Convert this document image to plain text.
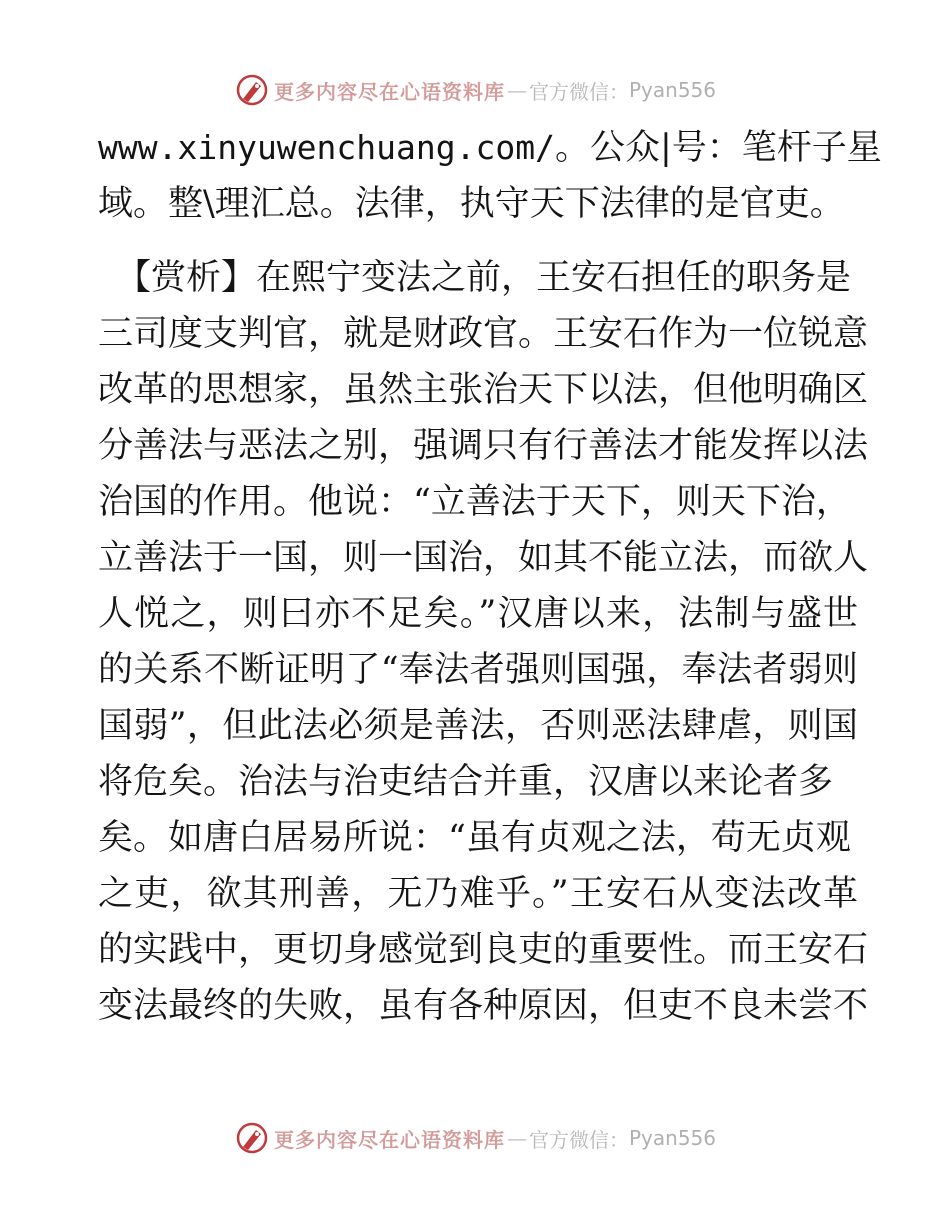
更多内容尽在心语资料库 — 官方微信： Pyan556
www.xinyuwenchuang.com/。公众|号：笔杆子星
域。整\理汇总。法律，执守天下法律的是官吏。
【赏析】在熙宁变法之前，王安石担任的职务是
三司度支判官，就是财政官。王安石作为一位锐意
改革的思想家，虽然主张治天下以法，但他明确区
分善法与恶法之别，强调只有行善法才能发挥以法
治国的作用。他说：“立善法于天下，则天下治，
立善法于一国，则一国治，如其不能立法，而欲人
人悦之，则曰亦不足矣。”汉唐以来，法制与盛世
的关系不断证明了“奉法者强则国强，奉法者弱则
国弱”，但此法必须是善法，否则恶法肆虐，则国
将危矣。治法与治吏结合并重，汉唐以来论者多
矣。如唐白居易所说：“虽有贞观之法，苟无贞观
之吏，欲其刑善，无乃难乎。”王安石从变法改革
的实践中，更切身感觉到良吏的重要性。而王安石
变法最终的失败，虽有各种原因，但吏不良未尝不
更多内容尽在心语资料库 — 官方微信： Pyan556
